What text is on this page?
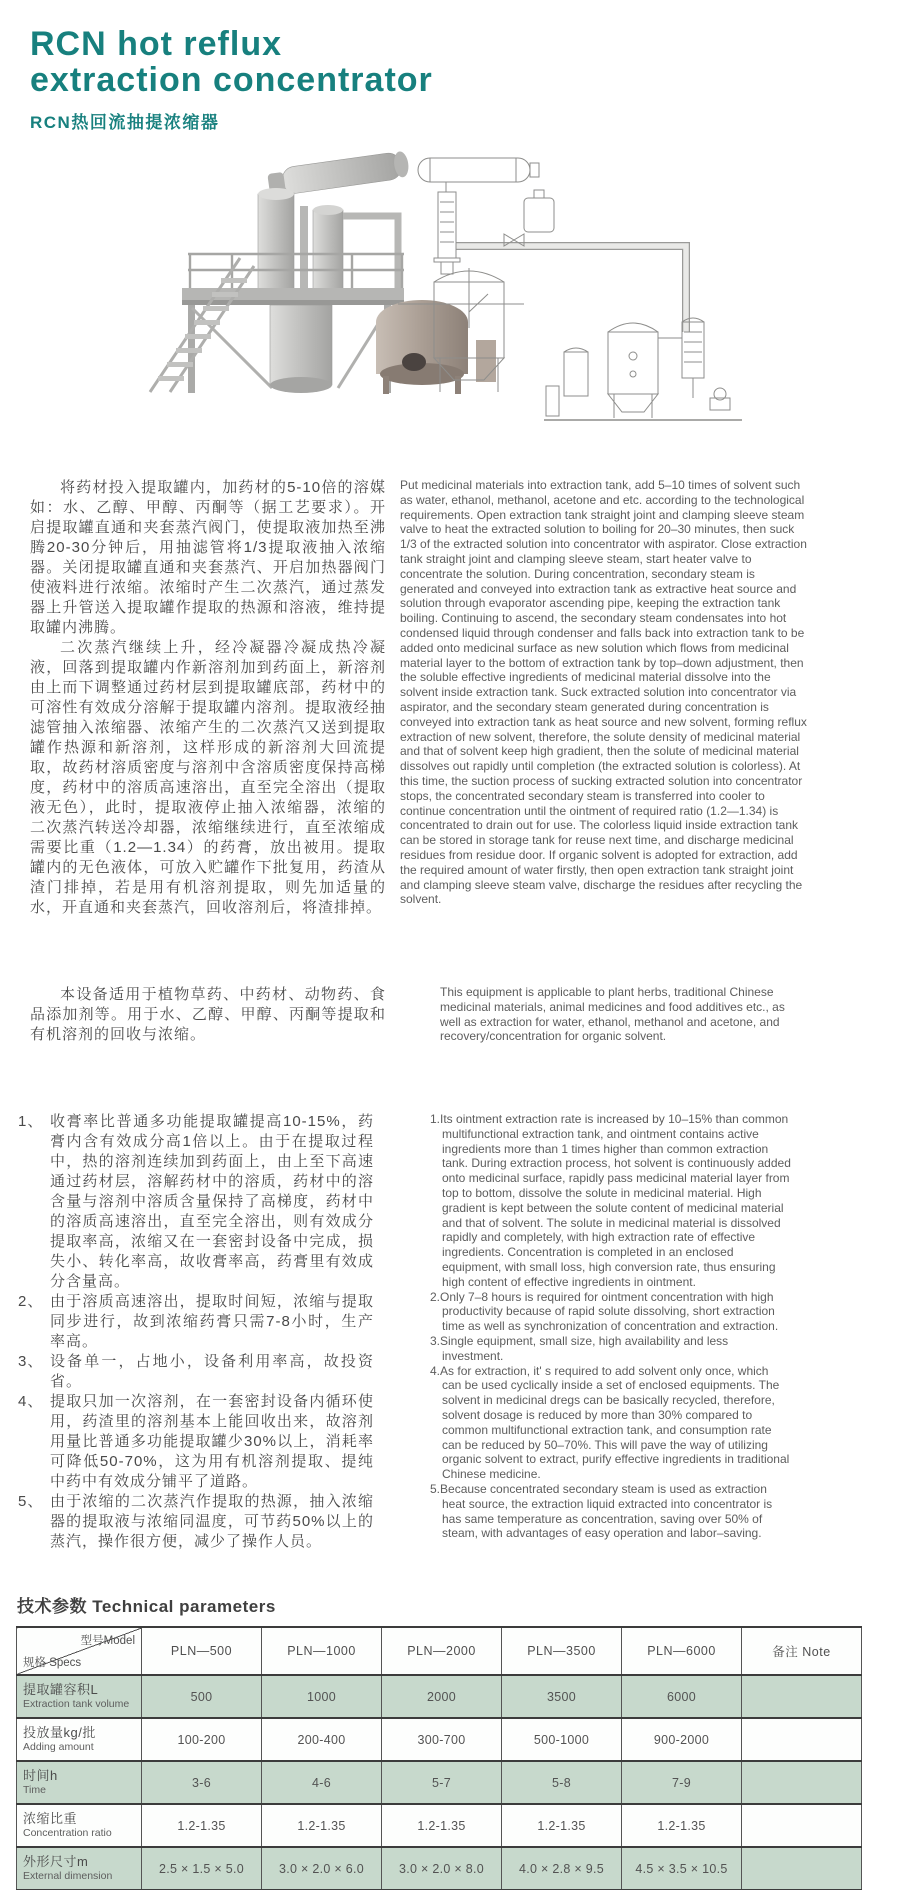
RCN hot reflux
extraction concentrator
RCN热回流抽提浓缩器

将药材投入提取罐内，加药材的5-10倍的溶媒如：水、乙醇、甲醇、丙酮等（据工艺要求）。开启提取罐直通和夹套蒸汽阀门，使提取液加热至沸腾20-30分钟后，用抽滤管将1/3提取液抽入浓缩器。关闭提取罐直通和夹套蒸汽、开启加热器阀门使液料进行浓缩。浓缩时产生二次蒸汽，通过蒸发器上升管送入提取罐作提取的热源和溶液，维持提取罐内沸腾。

二次蒸汽继续上升，经冷凝器冷凝成热冷凝液，回落到提取罐内作新溶剂加到药面上，新溶剂由上而下调整通过药材层到提取罐底部，药材中的可溶性有效成分溶解于提取罐内溶剂。提取液经抽滤管抽入浓缩器、浓缩产生的二次蒸汽又送到提取罐作热源和新溶剂，这样形成的新溶剂大回流提取，故药材溶质密度与溶剂中含溶质密度保持高梯度，药材中的溶质高速溶出，直至完全溶出（提取液无色），此时，提取液停止抽入浓缩器，浓缩的二次蒸汽转送冷却器，浓缩继续进行，直至浓缩成需要比重（1.2—1.34）的药膏，放出被用。提取罐内的无色液体，可放入贮罐作下批复用，药渣从渣门排掉，若是用有机溶剂提取，则先加适量的水，开直通和夹套蒸汽，回收溶剂后，将渣排掉。

Put medicinal materials into extraction tank, add 5–10 times of solvent such as water, ethanol, methanol, acetone and etc. according to the technological requirements. Open extraction tank straight joint and clamping sleeve steam valve to heat the extracted solution to boiling for 20–30 minutes, then suck 1/3 of the extracted solution into concentrator with aspirator. Close extraction tank straight joint and clamping sleeve steam, start heater valve to concentrate the solution. During concentration, secondary steam is generated and conveyed into extraction tank as extractive heat source and solution through evaporator ascending pipe, keeping the extraction tank boiling. Continuing to ascend, the secondary steam condensates into hot condensed liquid through condenser and falls back into extraction tank to be added onto medicinal surface as new solution which flows from medicinal material layer to the bottom of extraction tank by top–down adjustment, then the soluble effective ingredients of medicinal material dissolve into the solvent inside extraction tank. Suck extracted solution into concentrator via aspirator, and the secondary steam generated during concentration is conveyed into extraction tank as heat source and new solvent, forming reflux extraction of new solvent, therefore, the solute density of medicinal material and that of solvent keep high gradient, then the solute of medicinal material dissolves out rapidly until completion (the extracted solution is colorless). At this time, the suction process of sucking extracted solution into concentrator stops, the concentrated secondary steam is transferred into cooler to continue concentration until the ointment of required ratio (1.2—1.34) is concentrated to drain out for use. The colorless liquid inside extraction tank can be stored in storage tank for reuse next time, and discharge medicinal residues from residue door. If organic solvent is adopted for extraction, add the required amount of water firstly, then open extraction tank straight joint and clamping sleeve steam valve, discharge the residues after recycling the solvent.

本设备适用于植物草药、中药材、动物药、食品添加剂等。用于水、乙醇、甲醇、丙酮等提取和有机溶剂的回收与浓缩。

This equipment is applicable to plant herbs, traditional Chinese medicinal materials, animal medicines and food additives etc., as well as extraction for water, ethanol, methanol and acetone, and recovery/concentration for organic solvent.

1、 收膏率比普通多功能提取罐提高10-15%，药膏内含有效成分高1倍以上。由于在提取过程中，热的溶剂连续加到药面上，由上至下高速通过药材层，溶解药材中的溶质，药材中的溶含量与溶剂中溶质含量保持了高梯度，药材中的溶质高速溶出，直至完全溶出，则有效成分提取率高，浓缩又在一套密封设备中完成，损失小、转化率高，故收膏率高，药膏里有效成分含量高。
2、 由于溶质高速溶出，提取时间短，浓缩与提取同步进行，故到浓缩药膏只需7-8小时，生产率高。
3、 设备单一，占地小，设备利用率高，故投资省。
4、 提取只加一次溶剂，在一套密封设备内循环使用，药渣里的溶剂基本上能回收出来，故溶剂用量比普通多功能提取罐少30%以上，消耗率可降低50-70%，这为用有机溶剂提取、提纯中药中有效成分铺平了道路。
5、 由于浓缩的二次蒸汽作提取的热源，抽入浓缩器的提取液与浓缩同温度，可节药50%以上的蒸汽，操作很方便，减少了操作人员。

1.Its ointment extraction rate is increased by 10–15% than common multifunctional extraction tank, and ointment contains active ingredients more than 1 times higher than common extraction tank. During extraction process, hot solvent is continuously added onto medicinal surface, rapidly pass medicinal material layer from top to bottom, dissolve the solute in medicinal material. High gradient is kept between the solute content of medicinal material and that of solvent. The solute in medicinal material is dissolved rapidly and completely, with high extraction rate of effective ingredients. Concentration is completed in an enclosed equipment, with small loss, high conversion rate, thus ensuring high content of effective ingredients in ointment.

2.Only 7–8 hours is required for ointment concentration with high productivity because of rapid solute dissolving, short extraction time as well as synchronization of concentration and extraction.

3.Single equipment, small size, high availability and less investment.

4.As for extraction, it' s required to add solvent only once, which can be used cyclically inside a set of enclosed equipments. The solvent in medicinal dregs can be basically recycled, therefore, solvent dosage is reduced by more than 30% compared to common multifunctional extraction tank, and consumption rate can be reduced by 50–70%. This will pave the way of utilizing organic solvent to extract, purify effective ingredients in traditional Chinese medicine.

5.Because concentrated secondary steam is used as extraction heat source, the extraction liquid extracted into concentrator is has same temperature as concentration, saving over 50% of steam, with advantages of easy operation and labor–saving.

技术参数 Technical parameters
型号Model
规格 Specs	PLN—500	PLN—1000	PLN—2000	PLN—3500	PLN—6000	备注 Note

提取罐容积L
Extraction tank volume	500	1000	2000	3500	6000	

投放量kg/批
Adding amount	100-200	200-400	300-700	500-1000	900-2000	

时间h
Time	3-6	4-6	5-7	5-8	7-9	

浓缩比重
Concentration ratio	1.2-1.35	1.2-1.35	1.2-1.35	1.2-1.35	1.2-1.35	

外形尺寸m
External dimension	2.5 × 1.5 × 5.0	3.0 × 2.0 × 6.0	3.0 × 2.0 × 8.0	4.0 × 2.8 × 9.5	4.5 × 3.5 × 10.5	
